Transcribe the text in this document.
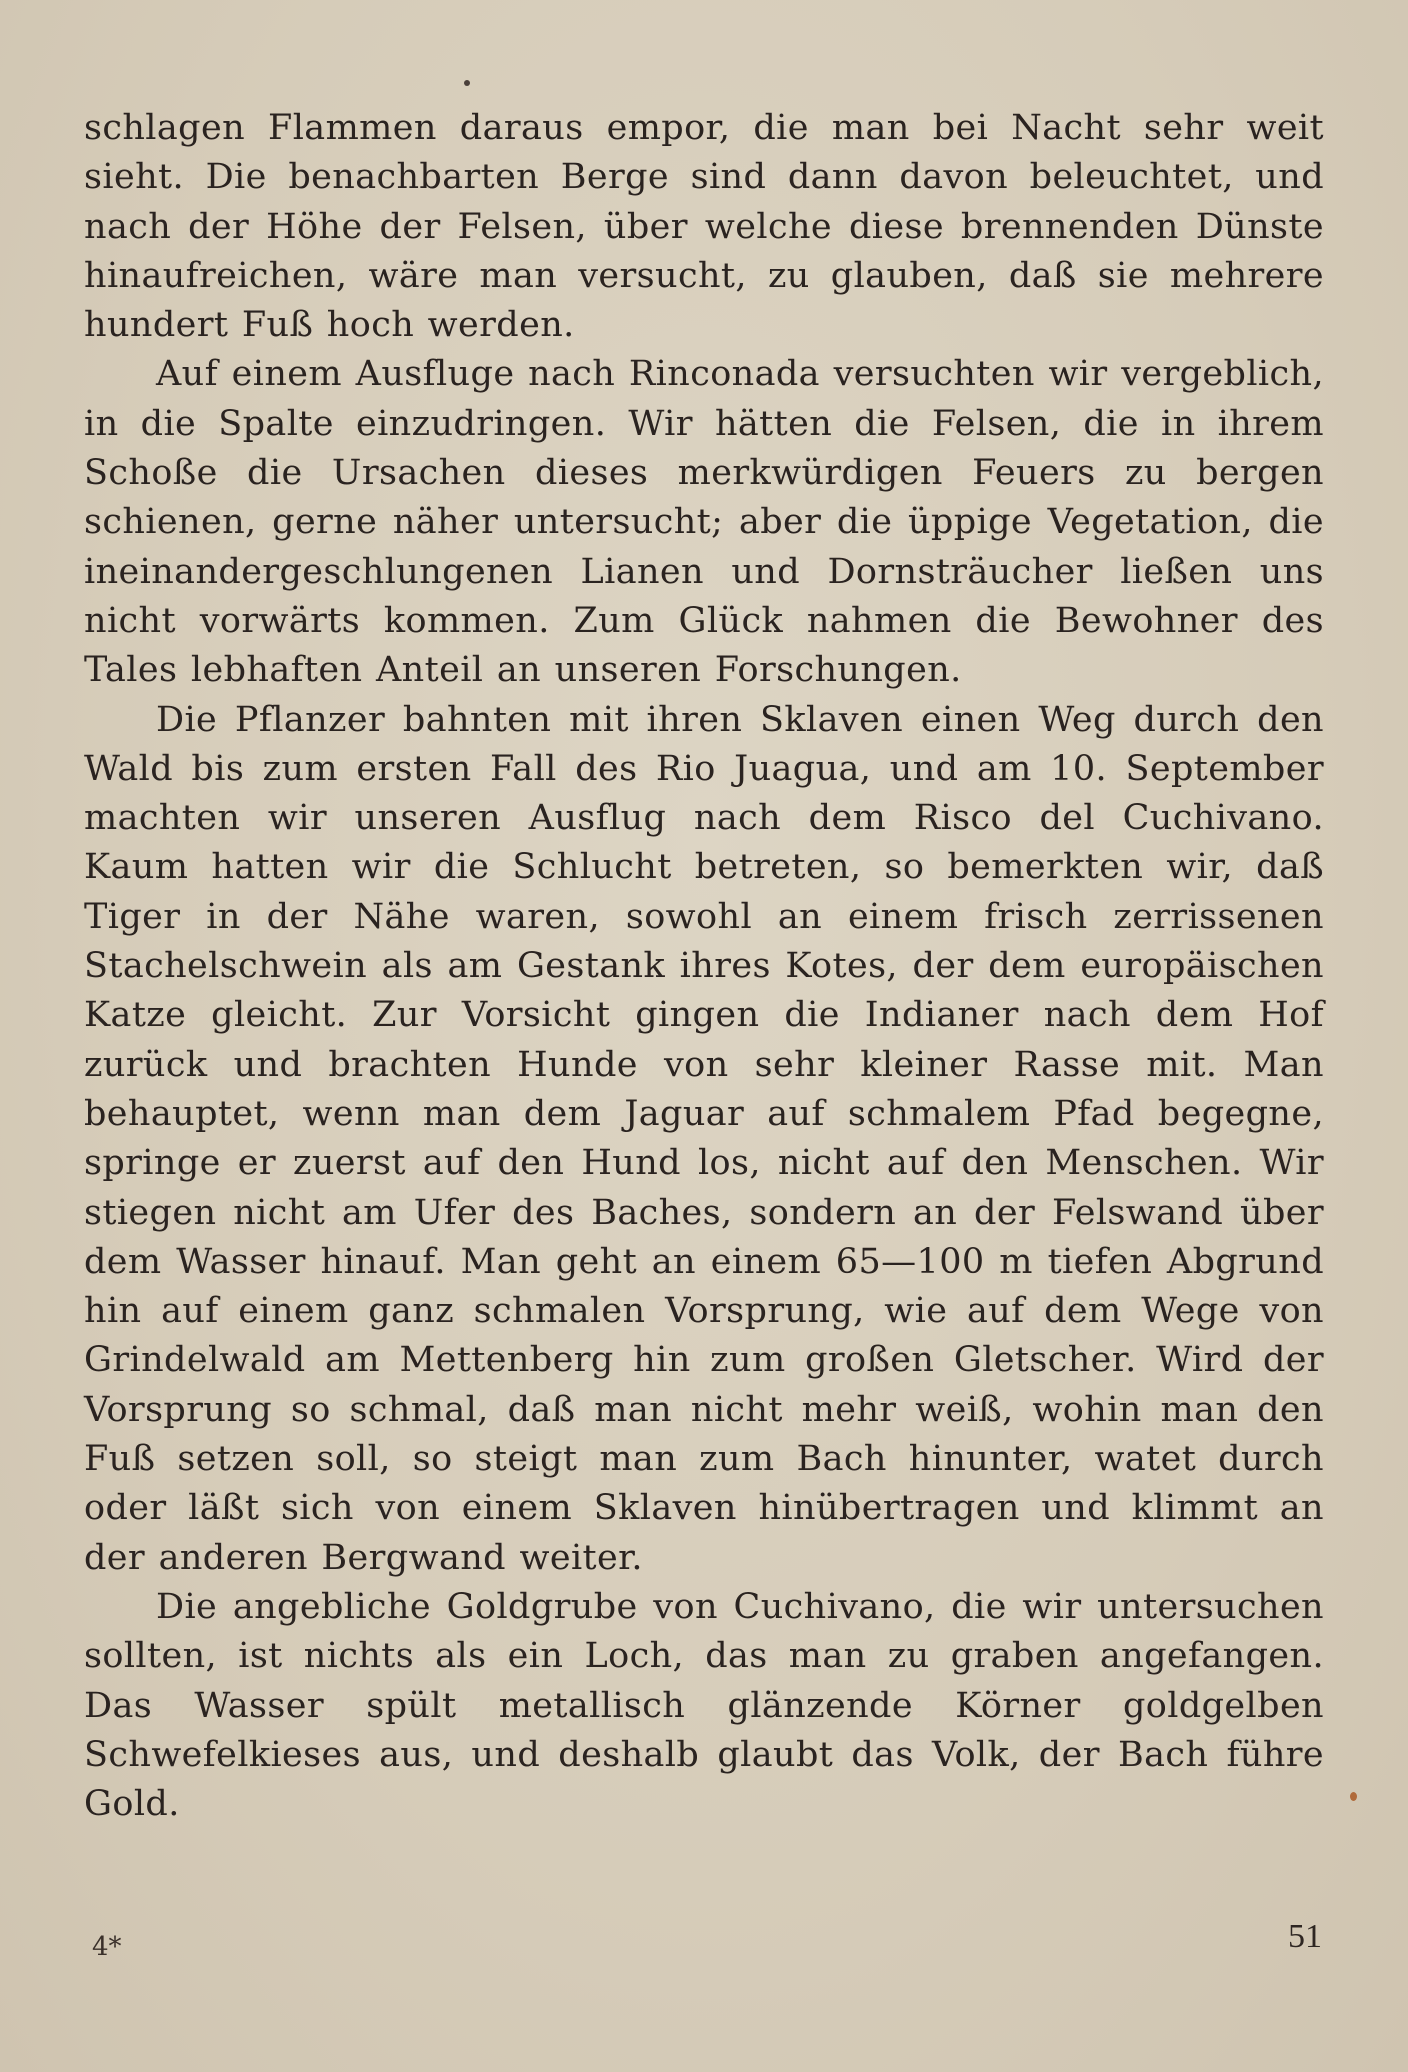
schlagen Flammen daraus empor, die man bei Nacht sehr weit sieht. Die benachbarten Berge sind dann davon beleuchtet, und nach der Höhe der Felsen, über welche diese brennenden Dünste hinaufreichen, wäre man versucht, zu glauben, daß sie mehrere hundert Fuß hoch werden.

Auf einem Ausfluge nach Rinconada versuchten wir vergeblich, in die Spalte einzudringen. Wir hätten die Felsen, die in ihrem Schoße die Ursachen dieses merkwürdigen Feuers zu bergen schienen, gerne näher untersucht; aber die üppige Vegetation, die ineinandergeschlungenen Lianen und Dornsträucher ließen uns nicht vorwärts kommen. Zum Glück nahmen die Bewohner des Tales lebhaften Anteil an unseren Forschungen.

Die Pflanzer bahnten mit ihren Sklaven einen Weg durch den Wald bis zum ersten Fall des Rio Juagua, und am 10. September machten wir unseren Ausflug nach dem Risco del Cuchivano. Kaum hatten wir die Schlucht betreten, so bemerkten wir, daß Tiger in der Nähe waren, sowohl an einem frisch zerrissenen Stachelschwein als am Gestank ihres Kotes, der dem europäischen Katze gleicht. Zur Vorsicht gingen die Indianer nach dem Hof zurück und brachten Hunde von sehr kleiner Rasse mit. Man behauptet, wenn man dem Jaguar auf schmalem Pfad begegne, springe er zuerst auf den Hund los, nicht auf den Menschen. Wir stiegen nicht am Ufer des Baches, sondern an der Felswand über dem Wasser hinauf. Man geht an einem 65—100 m tiefen Abgrund hin auf einem ganz schmalen Vorsprung, wie auf dem Wege von Grindelwald am Mettenberg hin zum großen Gletscher. Wird der Vorsprung so schmal, daß man nicht mehr weiß, wohin man den Fuß setzen soll, so steigt man zum Bach hinunter, watet durch oder läßt sich von einem Sklaven hinübertragen und klimmt an der anderen Bergwand weiter.

Die angebliche Goldgrube von Cuchivano, die wir untersuchen sollten, ist nichts als ein Loch, das man zu graben angefangen. Das Wasser spült metallisch glänzende Körner goldgelben Schwefelkieses aus, und deshalb glaubt das Volk, der Bach führe Gold.

4*	51
